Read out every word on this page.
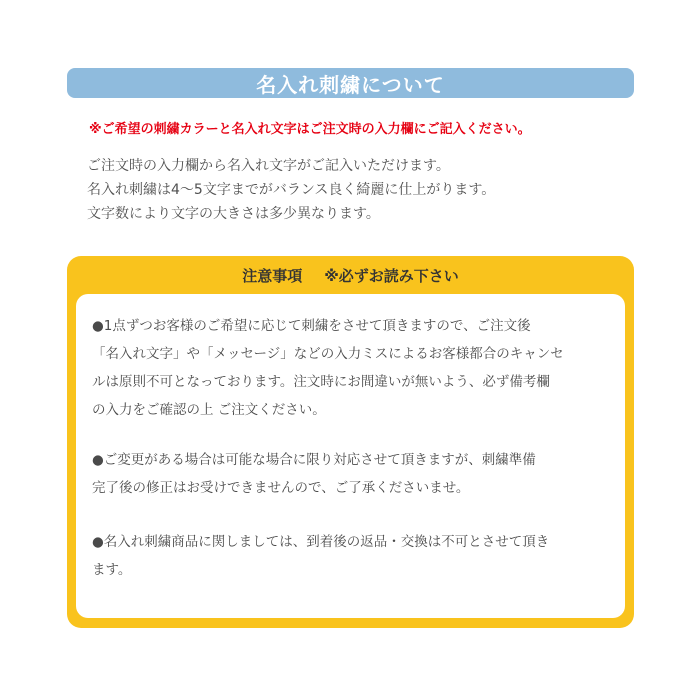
名入れ刺繍について
※ご希望の刺繍カラーと名入れ文字はご注文時の入力欄にご記入ください。

ご注文時の入力欄から名入れ文字がご記入いただけます。

名入れ刺繍は4〜5文字までがバランス良く綺麗に仕上がります。

文字数により文字の大きさは多少異なります。

注意事項 ※必ずお読み下さい

●1点ずつお客様のご希望に応じて刺繍をさせて頂きますので、ご注文後

「名入れ文字」や「メッセージ」などの入力ミスによるお客様都合のキャンセ

ルは原則不可となっております。注文時にお間違いが無いよう、必ず備考欄

の入力をご確認の上 ご注文ください。

●ご変更がある場合は可能な場合に限り対応させて頂きますが、刺繍準備

完了後の修正はお受けできませんので、ご了承くださいませ。

●名入れ刺繍商品に関しましては、到着後の返品・交換は不可とさせて頂き

ます。
